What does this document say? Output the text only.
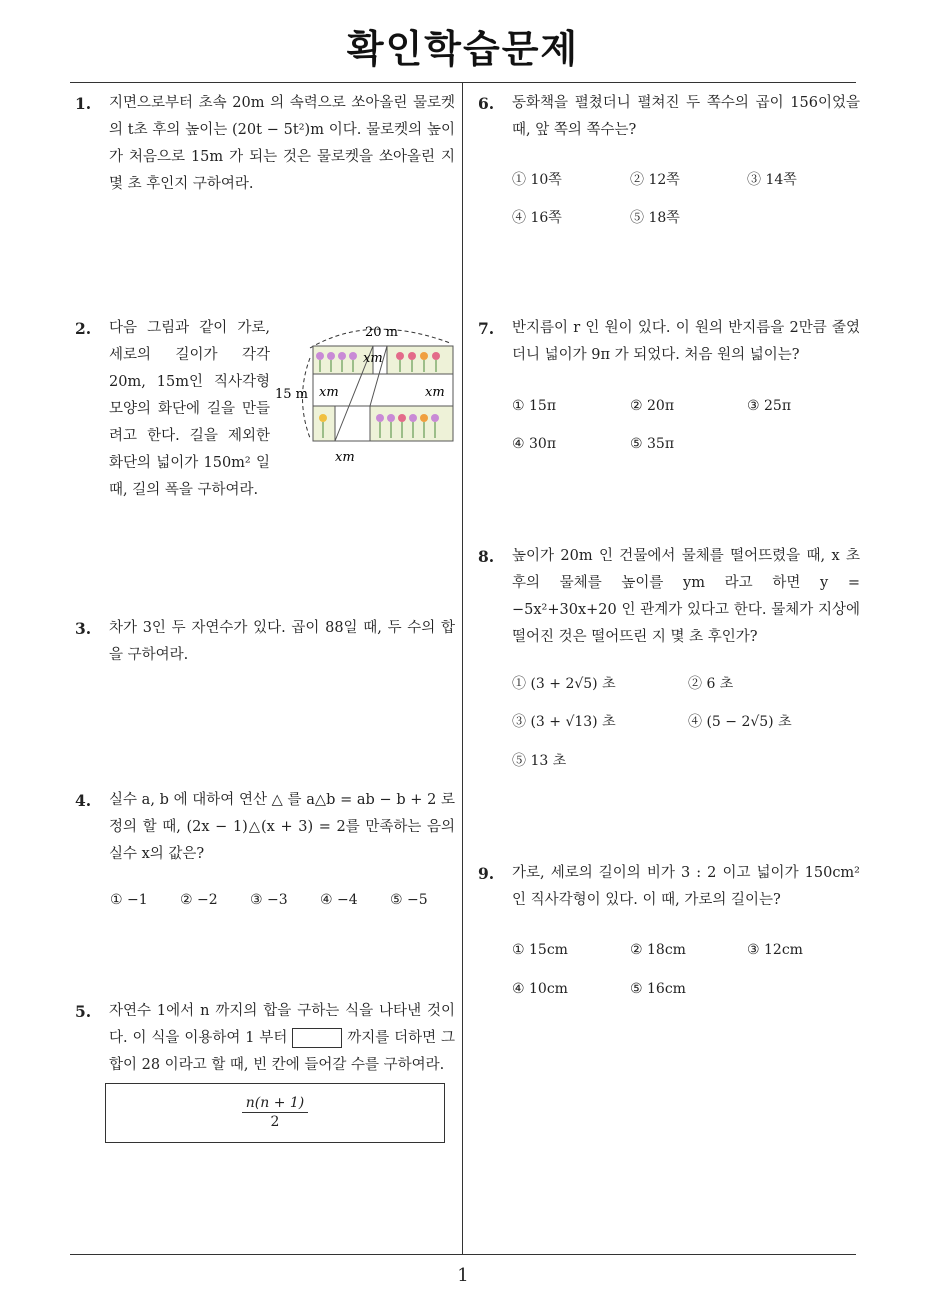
확인학습문제
1
1. 지면으로부터 초속 20m 의 속력으로 쏘아올린 물로켓의 t초 후의 높이는 (20t − 5t²)m 이다. 물로켓의 높이가 처음으로 15m 가 되는 것은 물로켓을 쏘아올린 지 몇 초 후인지 구하여라.
2. 다음 그림과 같이 가로, 세로의 길이가 각각 20m, 15m인 직사각형 모양의 화단에 길을 만들려고 한다. 길을 제외한 화단의 넓이가 150m² 일 때, 길의 폭을 구하여라.
20 m
15 m
xm
xm	xm
xm
3. 차가 3인 두 자연수가 있다. 곱이 88일 때, 두 수의 합을 구하여라.
4. 실수 a, b 에 대하여 연산 △ 를 a△b = ab − b + 2 로 정의 할 때, (2x − 1)△(x + 3) = 2를 만족하는 음의 실수 x의 값은?
① −1 ② −2 ③ −3 ④ −4 ⑤ −5
5. 자연수 1에서 n 까지의 합을 구하는 식을 나타낸 것이다. 이 식을 이용하여 1 부터	까지를 더하면 그 합이 28 이라고 할 때, 빈 칸에 들어갈 수를 구하여라.
$\frac{n(n + 1)}{2}$
6. 동화책을 펼쳤더니 펼쳐진 두 쪽수의 곱이 156이었을 때, 앞 쪽의 쪽수는?
① 10쪽	② 12쪽	③ 14쪽
④ 16쪽	⑤ 18쪽
7. 반지름이 r 인 원이 있다. 이 원의 반지름을 2만큼 줄였더니 넓이가 9π 가 되었다. 처음 원의 넓이는?
① 15π	② 20π	③ 25π
④ 30π	⑤ 35π
8. 높이가 20m 인 건물에서 물체를 떨어뜨렸을 때, x 초 후의 물체를 높이를 ym 라고 하면 y = −5x²+30x+20 인 관계가 있다고 한다. 물체가 지상에 떨어진 것은 떨어뜨린 지 몇 초 후인가?
① (3 + 2√5) 초	② 6 초
③ (3 + √13) 초	④ (5 − 2√5) 초
⑤ 13 초
9. 가로, 세로의 길이의 비가 3 : 2 이고 넓이가 150cm² 인 직사각형이 있다. 이 때, 가로의 길이는?
① 15cm	② 18cm	③ 12cm
④ 10cm	⑤ 16cm
